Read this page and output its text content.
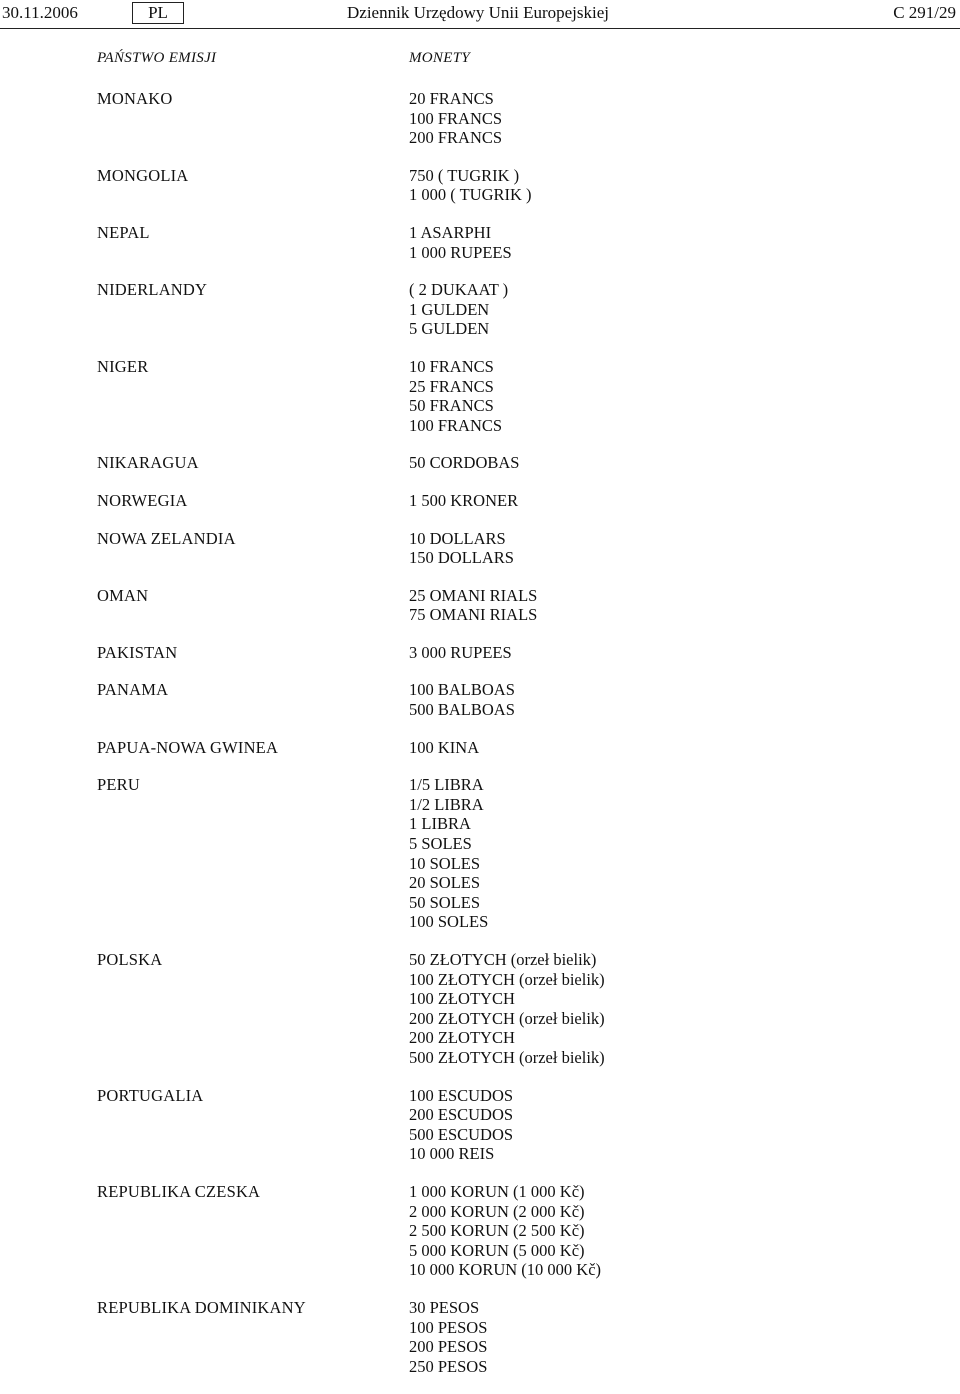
30.11.2006	PL	Dziennik Urzędowy Unii Europejskiej	C 291/29
PAŃSTWO EMISJI	MONETY
MONAKO	20 FRANCS
100 FRANCS
200 FRANCS
MONGOLIA	750 ( TUGRIK )
1 000 ( TUGRIK )
NEPAL	1 ASARPHI
1 000 RUPEES
NIDERLANDY	( 2 DUKAAT )
1 GULDEN
5 GULDEN
NIGER	10 FRANCS
25 FRANCS
50 FRANCS
100 FRANCS
NIKARAGUA	50 CORDOBAS
NORWEGIA	1 500 KRONER
NOWA ZELANDIA	10 DOLLARS
150 DOLLARS
OMAN	25 OMANI RIALS
75 OMANI RIALS
PAKISTAN	3 000 RUPEES
PANAMA	100 BALBOAS
500 BALBOAS
PAPUA-NOWA GWINEA	100 KINA
PERU	1/5 LIBRA
1/2 LIBRA
1 LIBRA
5 SOLES
10 SOLES
20 SOLES
50 SOLES
100 SOLES
POLSKA	50 ZŁOTYCH (orzeł bielik)
100 ZŁOTYCH (orzeł bielik)
100 ZŁOTYCH
200 ZŁOTYCH (orzeł bielik)
200 ZŁOTYCH
500 ZŁOTYCH (orzeł bielik)
PORTUGALIA	100 ESCUDOS
200 ESCUDOS
500 ESCUDOS
10 000 REIS
REPUBLIKA CZESKA	1 000 KORUN (1 000 Kč)
2 000 KORUN (2 000 Kč)
2 500 KORUN (2 500 Kč)
5 000 KORUN (5 000 Kč)
10 000 KORUN (10 000 Kč)
REPUBLIKA DOMINIKANY	30 PESOS
100 PESOS
200 PESOS
250 PESOS
